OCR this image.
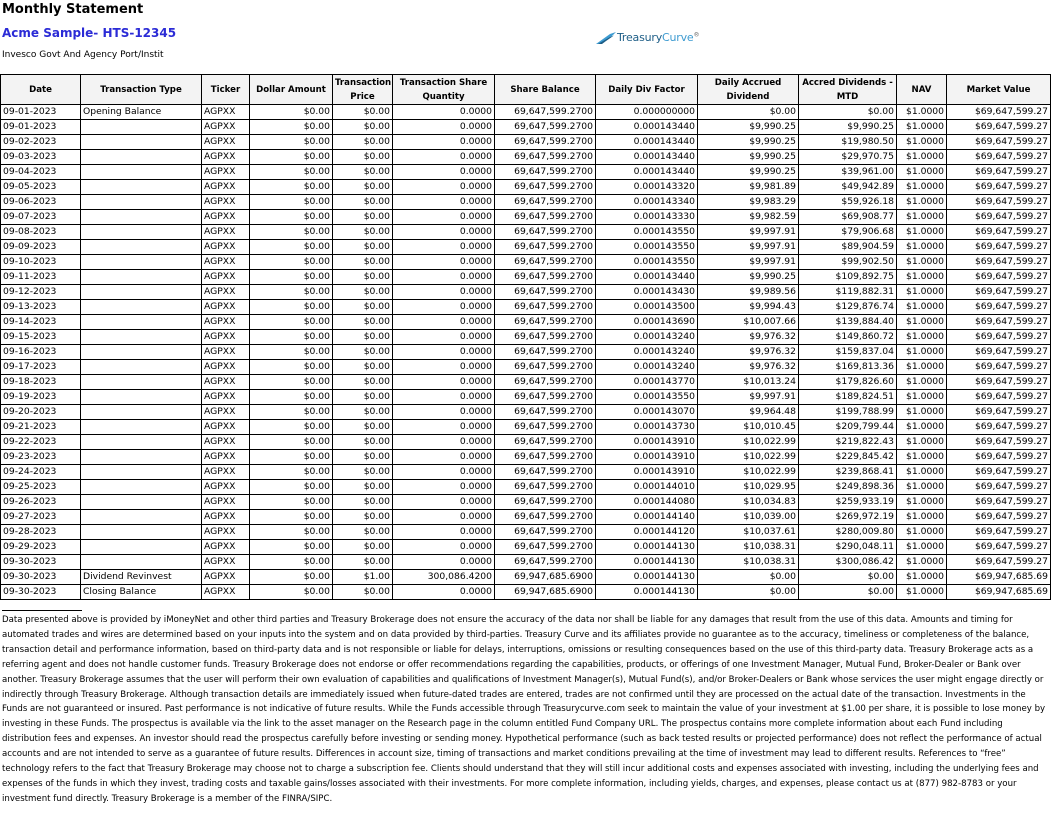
Monthly Statement
Acme Sample- HTS-12345
Invesco Govt And Agency Port/Instit
TreasuryCurve®
Date	Transaction Type	Ticker	Dollar Amount	Transaction Price	Transaction Share Quantity	Share Balance	Daily Div Factor	Daily Accrued Dividend	Accred Dividends - MTD	NAV	Market Value
09-01-2023	Opening Balance	AGPXX	$0.00	$0.00	0.0000	69,647,599.2700	0.000000000	$0.00	$0.00	$1.0000	$69,647,599.27
09-01-2023		AGPXX	$0.00	$0.00	0.0000	69,647,599.2700	0.000143440	$9,990.25	$9,990.25	$1.0000	$69,647,599.27
09-02-2023		AGPXX	$0.00	$0.00	0.0000	69,647,599.2700	0.000143440	$9,990.25	$19,980.50	$1.0000	$69,647,599.27
09-03-2023		AGPXX	$0.00	$0.00	0.0000	69,647,599.2700	0.000143440	$9,990.25	$29,970.75	$1.0000	$69,647,599.27
09-04-2023		AGPXX	$0.00	$0.00	0.0000	69,647,599.2700	0.000143440	$9,990.25	$39,961.00	$1.0000	$69,647,599.27
09-05-2023		AGPXX	$0.00	$0.00	0.0000	69,647,599.2700	0.000143320	$9,981.89	$49,942.89	$1.0000	$69,647,599.27
09-06-2023		AGPXX	$0.00	$0.00	0.0000	69,647,599.2700	0.000143340	$9,983.29	$59,926.18	$1.0000	$69,647,599.27
09-07-2023		AGPXX	$0.00	$0.00	0.0000	69,647,599.2700	0.000143330	$9,982.59	$69,908.77	$1.0000	$69,647,599.27
09-08-2023		AGPXX	$0.00	$0.00	0.0000	69,647,599.2700	0.000143550	$9,997.91	$79,906.68	$1.0000	$69,647,599.27
09-09-2023		AGPXX	$0.00	$0.00	0.0000	69,647,599.2700	0.000143550	$9,997.91	$89,904.59	$1.0000	$69,647,599.27
09-10-2023		AGPXX	$0.00	$0.00	0.0000	69,647,599.2700	0.000143550	$9,997.91	$99,902.50	$1.0000	$69,647,599.27
09-11-2023		AGPXX	$0.00	$0.00	0.0000	69,647,599.2700	0.000143440	$9,990.25	$109,892.75	$1.0000	$69,647,599.27
09-12-2023		AGPXX	$0.00	$0.00	0.0000	69,647,599.2700	0.000143430	$9,989.56	$119,882.31	$1.0000	$69,647,599.27
09-13-2023		AGPXX	$0.00	$0.00	0.0000	69,647,599.2700	0.000143500	$9,994.43	$129,876.74	$1.0000	$69,647,599.27
09-14-2023		AGPXX	$0.00	$0.00	0.0000	69,647,599.2700	0.000143690	$10,007.66	$139,884.40	$1.0000	$69,647,599.27
09-15-2023		AGPXX	$0.00	$0.00	0.0000	69,647,599.2700	0.000143240	$9,976.32	$149,860.72	$1.0000	$69,647,599.27
09-16-2023		AGPXX	$0.00	$0.00	0.0000	69,647,599.2700	0.000143240	$9,976.32	$159,837.04	$1.0000	$69,647,599.27
09-17-2023		AGPXX	$0.00	$0.00	0.0000	69,647,599.2700	0.000143240	$9,976.32	$169,813.36	$1.0000	$69,647,599.27
09-18-2023		AGPXX	$0.00	$0.00	0.0000	69,647,599.2700	0.000143770	$10,013.24	$179,826.60	$1.0000	$69,647,599.27
09-19-2023		AGPXX	$0.00	$0.00	0.0000	69,647,599.2700	0.000143550	$9,997.91	$189,824.51	$1.0000	$69,647,599.27
09-20-2023		AGPXX	$0.00	$0.00	0.0000	69,647,599.2700	0.000143070	$9,964.48	$199,788.99	$1.0000	$69,647,599.27
09-21-2023		AGPXX	$0.00	$0.00	0.0000	69,647,599.2700	0.000143730	$10,010.45	$209,799.44	$1.0000	$69,647,599.27
09-22-2023		AGPXX	$0.00	$0.00	0.0000	69,647,599.2700	0.000143910	$10,022.99	$219,822.43	$1.0000	$69,647,599.27
09-23-2023		AGPXX	$0.00	$0.00	0.0000	69,647,599.2700	0.000143910	$10,022.99	$229,845.42	$1.0000	$69,647,599.27
09-24-2023		AGPXX	$0.00	$0.00	0.0000	69,647,599.2700	0.000143910	$10,022.99	$239,868.41	$1.0000	$69,647,599.27
09-25-2023		AGPXX	$0.00	$0.00	0.0000	69,647,599.2700	0.000144010	$10,029.95	$249,898.36	$1.0000	$69,647,599.27
09-26-2023		AGPXX	$0.00	$0.00	0.0000	69,647,599.2700	0.000144080	$10,034.83	$259,933.19	$1.0000	$69,647,599.27
09-27-2023		AGPXX	$0.00	$0.00	0.0000	69,647,599.2700	0.000144140	$10,039.00	$269,972.19	$1.0000	$69,647,599.27
09-28-2023		AGPXX	$0.00	$0.00	0.0000	69,647,599.2700	0.000144120	$10,037.61	$280,009.80	$1.0000	$69,647,599.27
09-29-2023		AGPXX	$0.00	$0.00	0.0000	69,647,599.2700	0.000144130	$10,038.31	$290,048.11	$1.0000	$69,647,599.27
09-30-2023		AGPXX	$0.00	$0.00	0.0000	69,647,599.2700	0.000144130	$10,038.31	$300,086.42	$1.0000	$69,647,599.27
09-30-2023	Dividend Revinvest	AGPXX	$0.00	$1.00	300,086.4200	69,947,685.6900	0.000144130	$0.00	$0.00	$1.0000	$69,947,685.69
09-30-2023	Closing Balance	AGPXX	$0.00	$0.00	0.0000	69,947,685.6900	0.000144130	$0.00	$0.00	$1.0000	$69,947,685.69

Data presented above is provided by iMoneyNet and other third parties and Treasury Brokerage does not ensure the accuracy of the data nor shall be liable for any damages that result from the use of this data. Amounts and timing for automated trades and wires are determined based on your inputs into the system and on data provided by third-parties. Treasury Curve and its affiliates provide no guarantee as to the accuracy, timeliness or completeness of the balance, transaction detail and performance information, based on third-party data and is not responsible or liable for delays, interruptions, omissions or resulting consequences based on the use of this third-party data. Treasury Brokerage acts as a referring agent and does not handle customer funds. Treasury Brokerage does not endorse or offer recommendations regarding the capabilities, products, or offerings of one Investment Manager, Mutual Fund, Broker-Dealer or Bank over another. Treasury Brokerage assumes that the user will perform their own evaluation of capabilities and qualifications of Investment Manager(s), Mutual Fund(s), and/or Broker-Dealers or Bank whose services the user might engage directly or indirectly through Treasury Brokerage. Although transaction details are immediately issued when future-dated trades are entered, trades are not confirmed until they are processed on the actual date of the transaction. Investments in the Funds are not guaranteed or insured. Past performance is not indicative of future results. While the Funds accessible through Treasurycurve.com seek to maintain the value of your investment at $1.00 per share, it is possible to lose money by investing in these Funds. The prospectus is available via the link to the asset manager on the Research page in the column entitled Fund Company URL. The prospectus contains more complete information about each Fund including distribution fees and expenses. An investor should read the prospectus carefully before investing or sending money. Hypothetical performance (such as back tested results or projected performance) does not reflect the performance of actual accounts and are not intended to serve as a guarantee of future results. Differences in account size, timing of transactions and market conditions prevailing at the time of investment may lead to different results. References to “free” technology refers to the fact that Treasury Brokerage may choose not to charge a subscription fee. Clients should understand that they will still incur additional costs and expenses associated with investing, including the underlying fees and expenses of the funds in which they invest, trading costs and taxable gains/losses associated with their investments. For more complete information, including yields, charges, and expenses, please contact us at (877) 982-8783 or your investment fund directly. Treasury Brokerage is a member of the FINRA/SIPC.
